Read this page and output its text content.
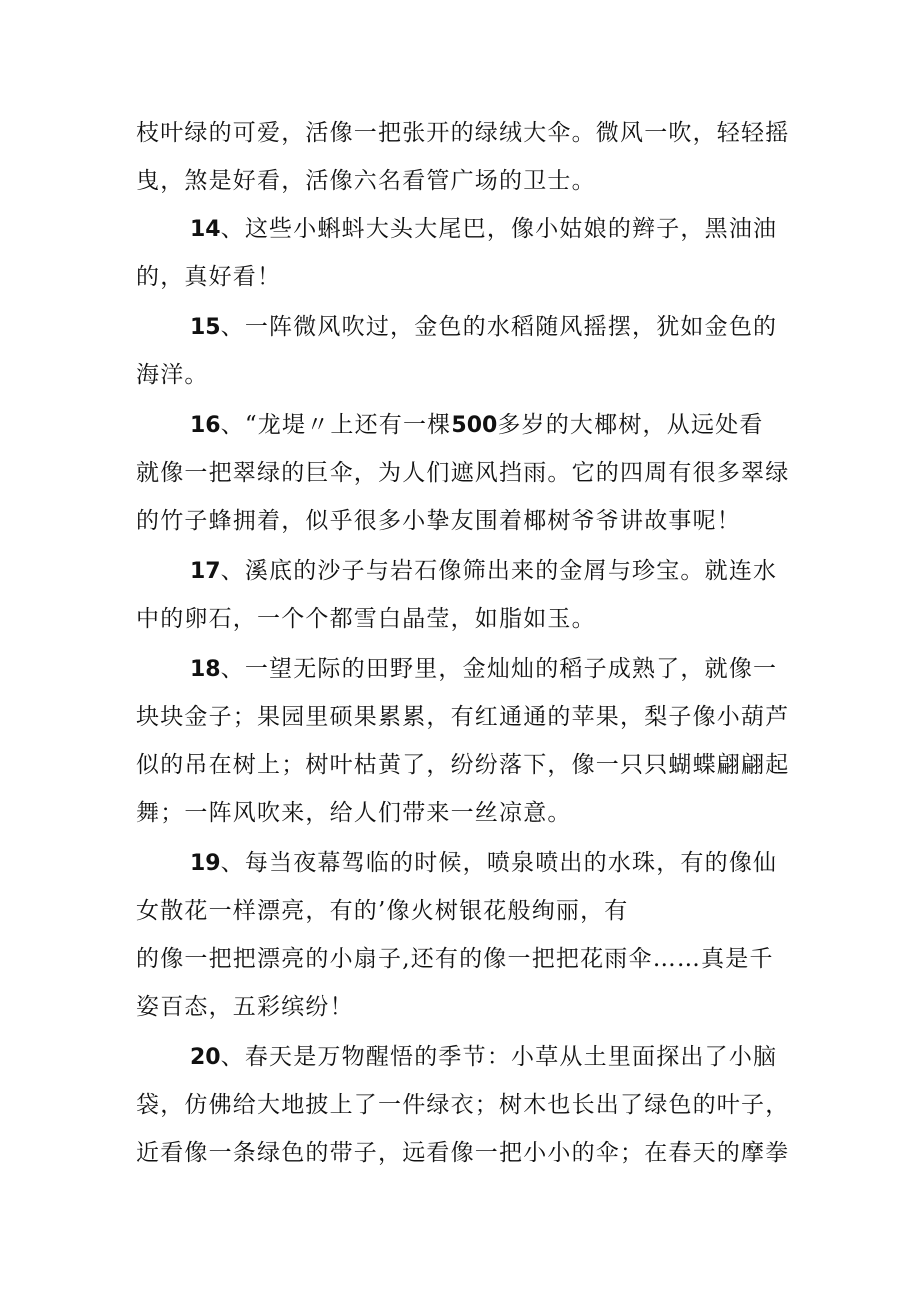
枝叶绿的可爱，活像一把张开的绿绒大伞。微风一吹，轻轻摇
曳，煞是好看，活像六名看管广场的卫士。
14、这些小蝌蚪大头大尾巴，像小姑娘的辫子，黑油油
的，真好看！
15、一阵微风吹过，金色的水稻随风摇摆，犹如金色的
海洋。
16、“龙堤〃上还有一棵500多岁的大椰树，从远处看
就像一把翠绿的巨伞，为人们遮风挡雨。它的四周有很多翠绿
的竹子蜂拥着，似乎很多小挚友围着椰树爷爷讲故事呢！
17、溪底的沙子与岩石像筛出来的金屑与珍宝。就连水
中的卵石，一个个都雪白晶莹，如脂如玉。
18、一望无际的田野里，金灿灿的稻子成熟了，就像一
块块金子；果园里硕果累累，有红通通的苹果，梨子像小葫芦
似的吊在树上；树叶枯黄了，纷纷落下，像一只只蝴蝶翩翩起
舞；一阵风吹来，给人们带来一丝凉意。
19、每当夜幕驾临的时候，喷泉喷出的水珠，有的像仙
女散花一样漂亮，有的’像火树银花般绚丽，有
的像一把把漂亮的小扇子,还有的像一把把花雨伞……真是千
姿百态，五彩缤纷！
20、春天是万物醒悟的季节：小草从土里面探出了小脑
袋，仿佛给大地披上了一件绿衣；树木也长出了绿色的叶子，
近看像一条绿色的带子，远看像一把小小的伞；在春天的摩拳
